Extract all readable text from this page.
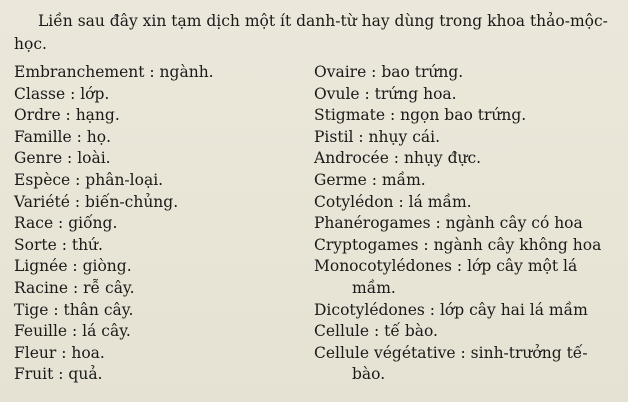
Liền sau đây xin tạm dịch một ít danh-từ hay dùng trong khoa thảo-mộc-học.

Embranchement : ngành.
Classe : lớp.
Ordre : hạng.
Famille : họ.
Genre : loài.
Espèce : phân-loại.
Variété : biến-chủng.
Race : giống.
Sorte : thứ.
Lignée : giòng.
Racine : rễ cây.
Tige : thân cây.
Feuille : lá cây.
Fleur : hoa.
Fruit : quả.
Ovaire : bao trứng.
Ovule : trứng hoa.
Stigmate : ngọn bao trứng.
Pistil : nhụy cái.
Androcée : nhụy đực.
Germe : mầm.
Cotylédon : lá mầm.
Phanérogames : ngành cây có hoa
Cryptogames : ngành cây không hoa
Monocotylédones : lớp cây một lá
mầm.
Dicotylédones : lớp cây hai lá mầm
Cellule : tế bào.
Cellule végétative : sinh-trưởng tế-
bào.
